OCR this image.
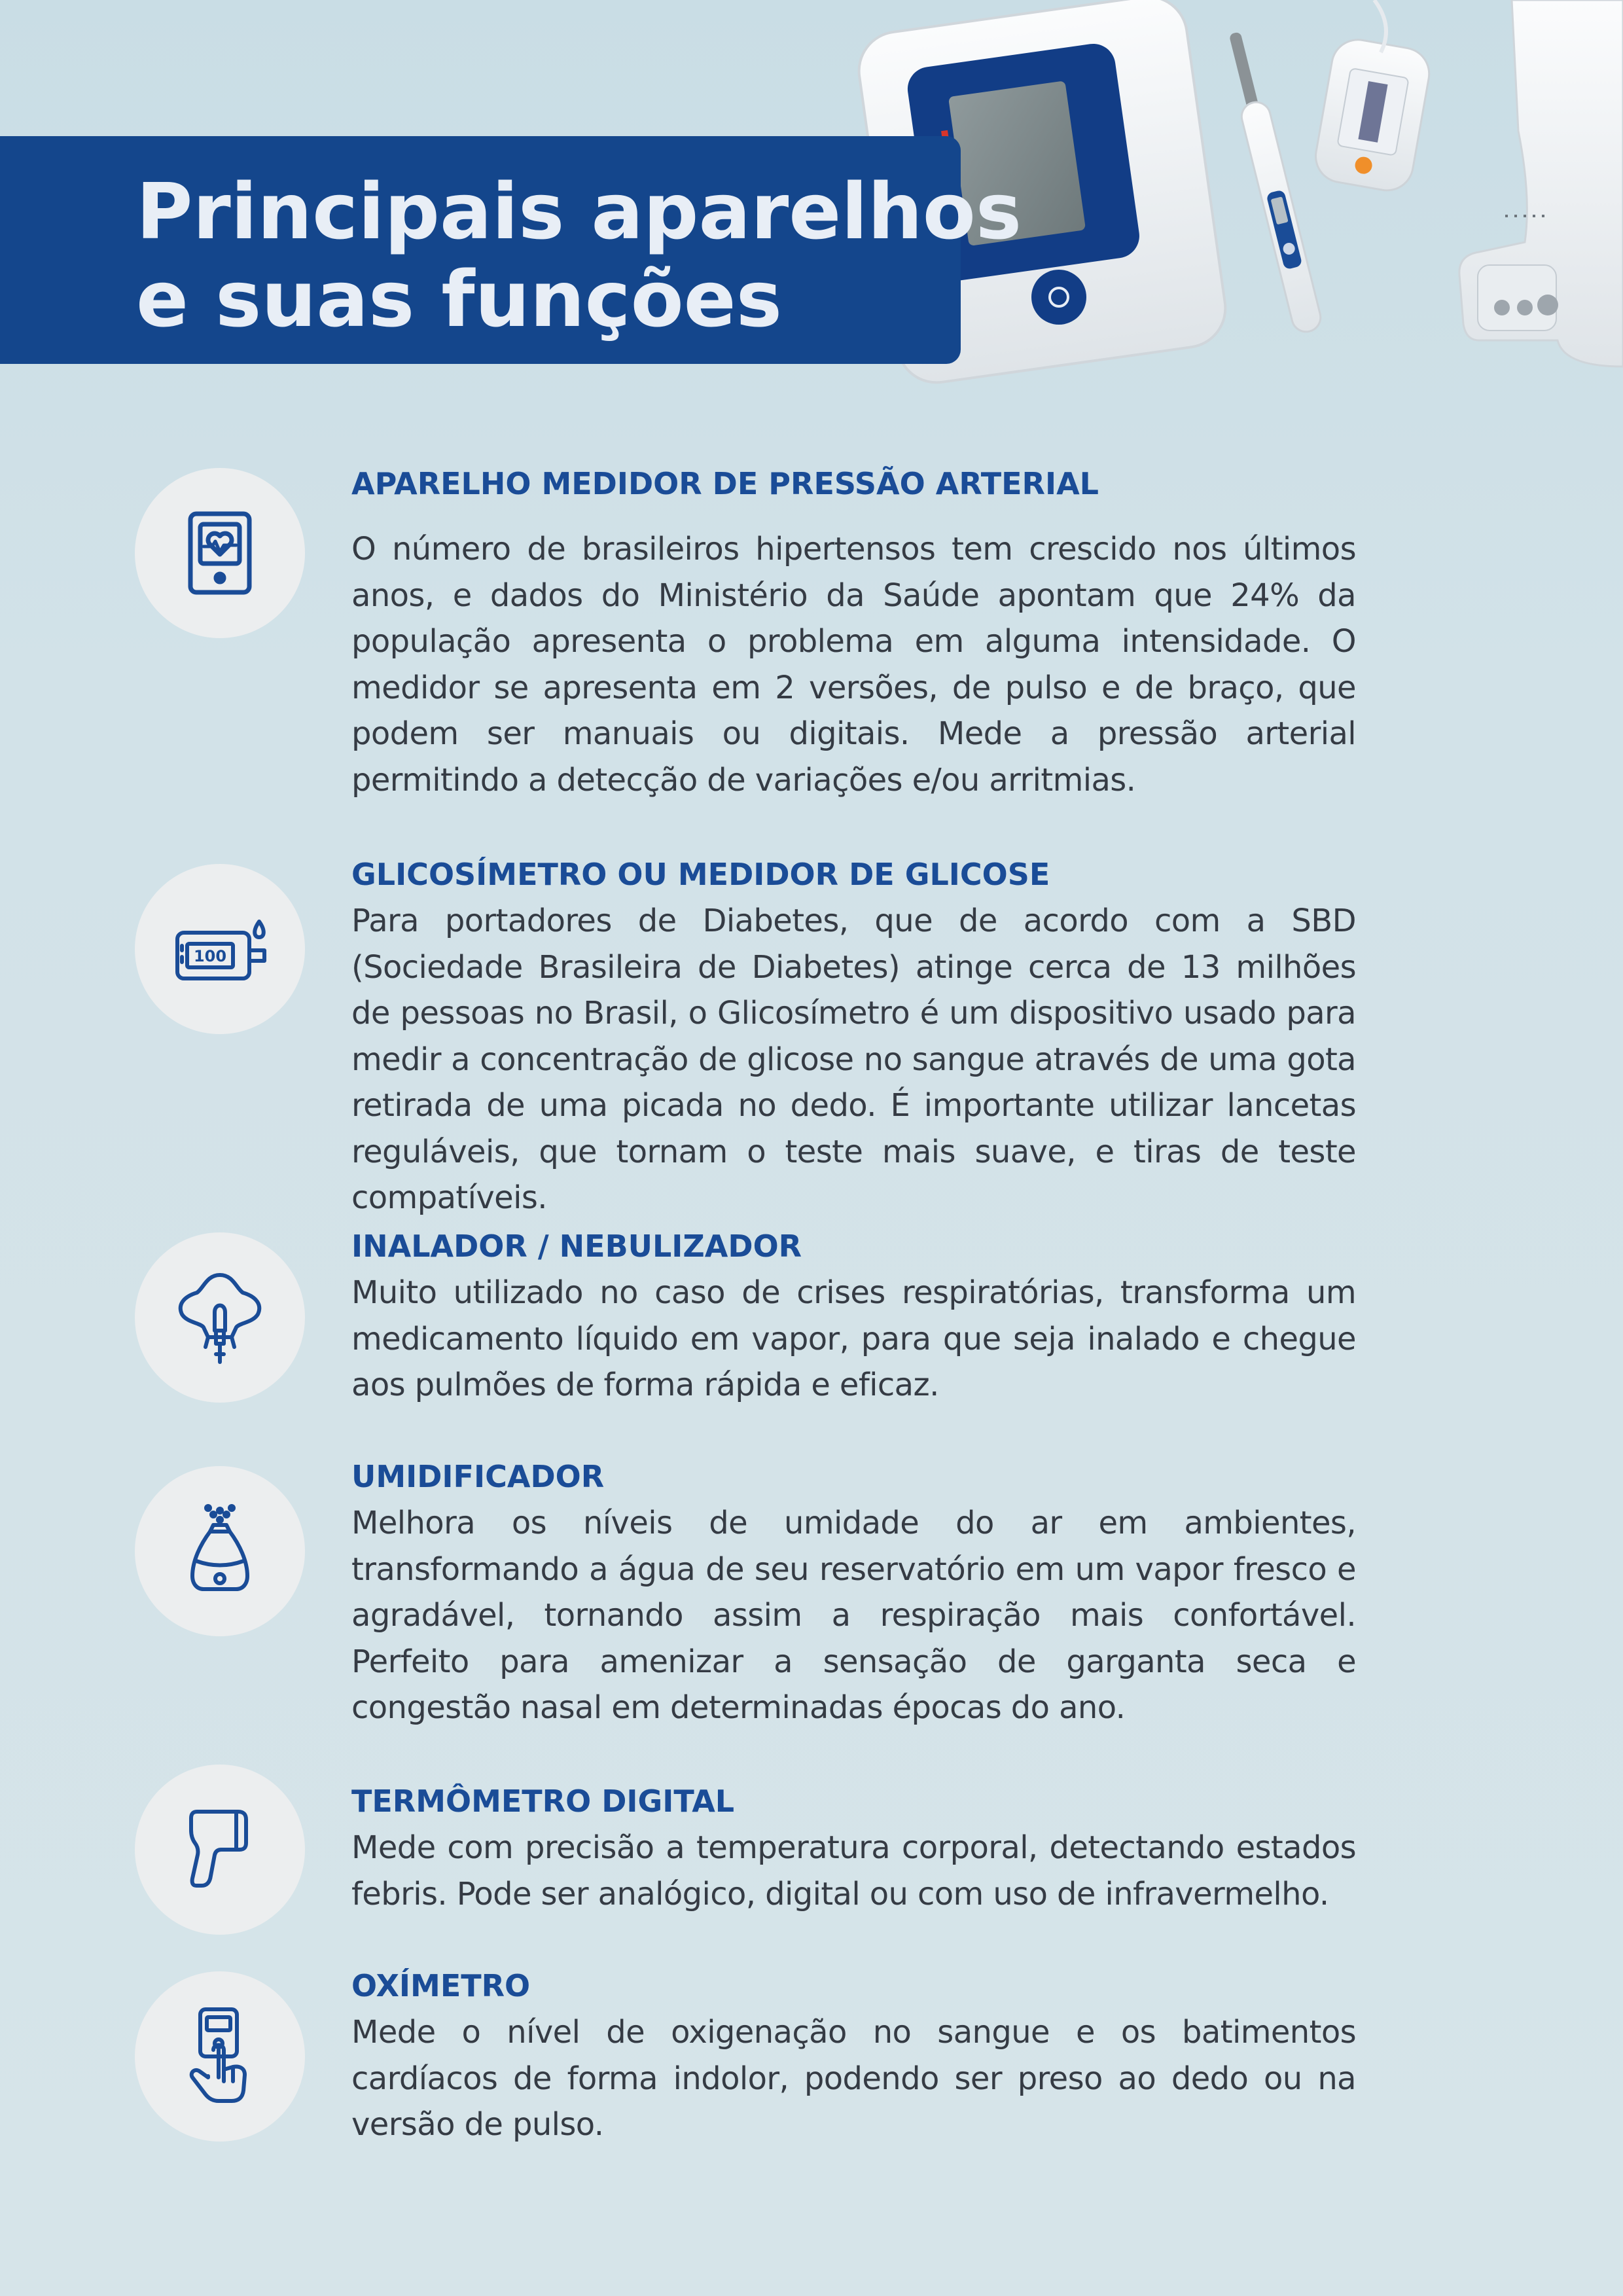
Principais aparelhos
e suas funções
APARELHO MEDIDOR DE PRESSÃO ARTERIAL

O número de brasileiros hipertensos tem crescido nos últimos anos, e dados do Ministério da Saúde apontam que 24% da população apresenta o problema em alguma intensidade. O medidor se apresenta em 2 versões, de pulso e de braço, que podem ser manuais ou digitais. Mede a pressão arterial permitindo a detecção de variações e/ou arritmias.

100
GLICOSÍMETRO OU MEDIDOR DE GLICOSE

Para portadores de Diabetes, que de acordo com a SBD (Sociedade Brasileira de Diabetes) atinge cerca de 13 milhões de pessoas no Brasil, o Glicosímetro é um dispositivo usado para medir a concentração de glicose no sangue através de uma gota retirada de uma picada no dedo. É importante utilizar lancetas reguláveis, que tornam o teste mais suave, e tiras de teste compatíveis.

INALADOR / NEBULIZADOR

Muito utilizado no caso de crises respiratórias, transforma um medicamento líquido em vapor, para que seja inalado e chegue aos pulmões de forma rápida e eficaz.

UMIDIFICADOR

Melhora os níveis de umidade do ar em ambientes, transformando a água de seu reservatório em um vapor fresco e agradável, tornando assim a respiração mais confortável. Perfeito para amenizar a sensação de garganta seca e congestão nasal em determinadas épocas do ano.

TERMÔMETRO DIGITAL

Mede com precisão a temperatura corporal, detectando estados febris. Pode ser analógico, digital ou com uso de infravermelho.

OXÍMETRO

Mede o nível de oxigenação no sangue e os batimentos cardíacos de forma indolor, podendo ser preso ao dedo ou na versão de pulso.
